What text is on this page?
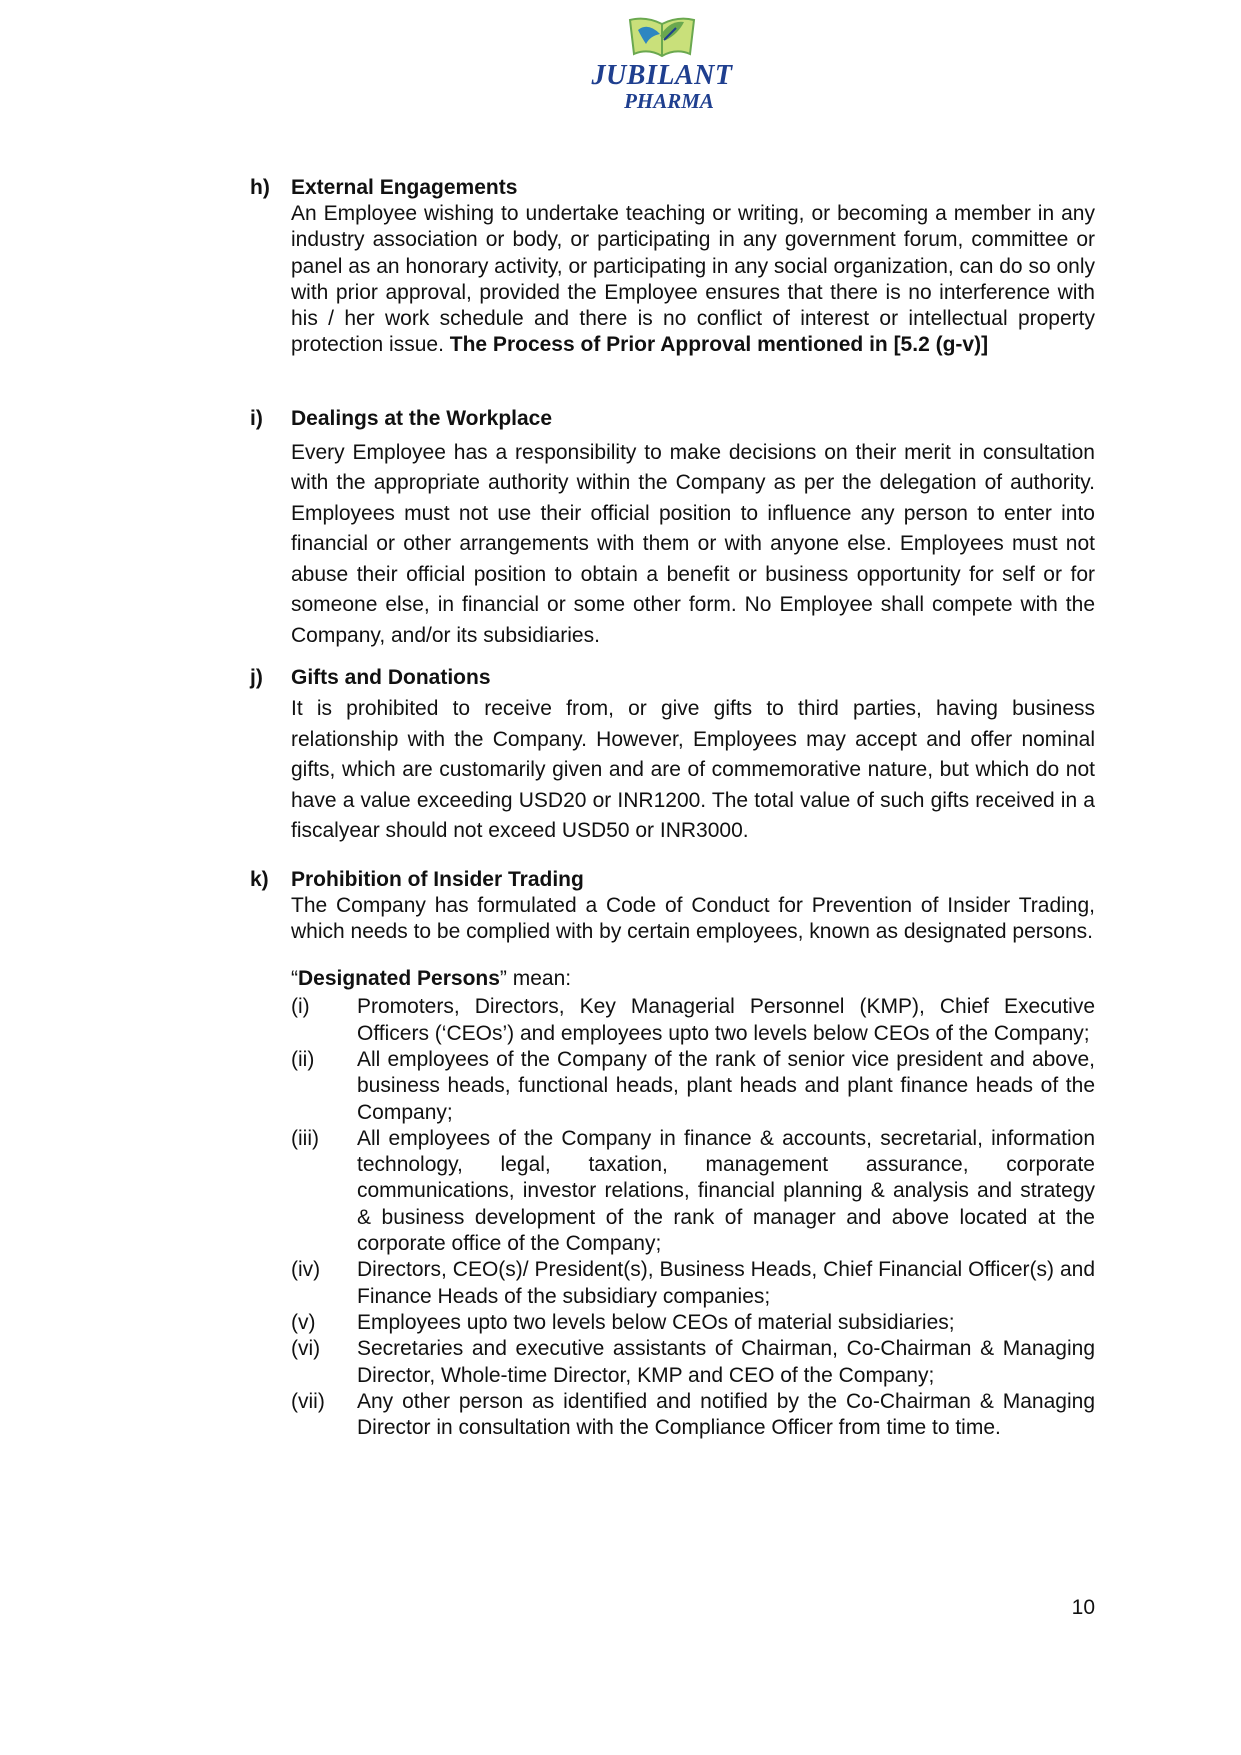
JUBILANT
PHARMA
h) External Engagements
An Employee wishing to undertake teaching or writing, or becoming a member in any industry association or body, or participating in any government forum, committee or panel as an honorary activity, or participating in any social organization, can do so only with prior approval, provided the Employee ensures that there is no interference with his / her work schedule and there is no conflict of interest or intellectual property protection issue. The Process of Prior Approval mentioned in [5.2 (g-v)]
i) Dealings at the Workplace
Every Employee has a responsibility to make decisions on their merit in consultation with the appropriate authority within the Company as per the delegation of authority. Employees must not use their official position to influence any person to enter into financial or other arrangements with them or with anyone else. Employees must not abuse their official position to obtain a benefit or business opportunity for self or for someone else, in financial or some other form. No Employee shall compete with the Company, and/or its subsidiaries.
j) Gifts and Donations
It is prohibited to receive from, or give gifts to third parties, having business relationship with the Company. However, Employees may accept and offer nominal gifts, which are customarily given and are of commemorative nature, but which do not have a value exceeding USD20 or INR1200. The total value of such gifts received in a fiscalyear should not exceed USD50 or INR3000.
k) Prohibition of Insider Trading
The Company has formulated a Code of Conduct for Prevention of Insider Trading, which needs to be complied with by certain employees, known as designated persons.
“Designated Persons” mean:
(i)	Promoters, Directors, Key Managerial Personnel (KMP), Chief Executive Officers (‘CEOs’) and employees upto two levels below CEOs of the Company;
(ii)	All employees of the Company of the rank of senior vice president and above, business heads, functional heads, plant heads and plant finance heads of the Company;
(iii)	All employees of the Company in finance & accounts, secretarial, information technology, legal, taxation, management assurance, corporate communications, investor relations, financial planning & analysis and strategy & business development of the rank of manager and above located at the corporate office of the Company;
(iv)	Directors, CEO(s)/ President(s), Business Heads, Chief Financial Officer(s) and Finance Heads of the subsidiary companies;
(v)	Employees upto two levels below CEOs of material subsidiaries;
(vi)	Secretaries and executive assistants of Chairman, Co-Chairman & Managing Director, Whole-time Director, KMP and CEO of the Company;
(vii)	Any other person as identified and notified by the Co-Chairman & Managing Director in consultation with the Compliance Officer from time to time.
10
